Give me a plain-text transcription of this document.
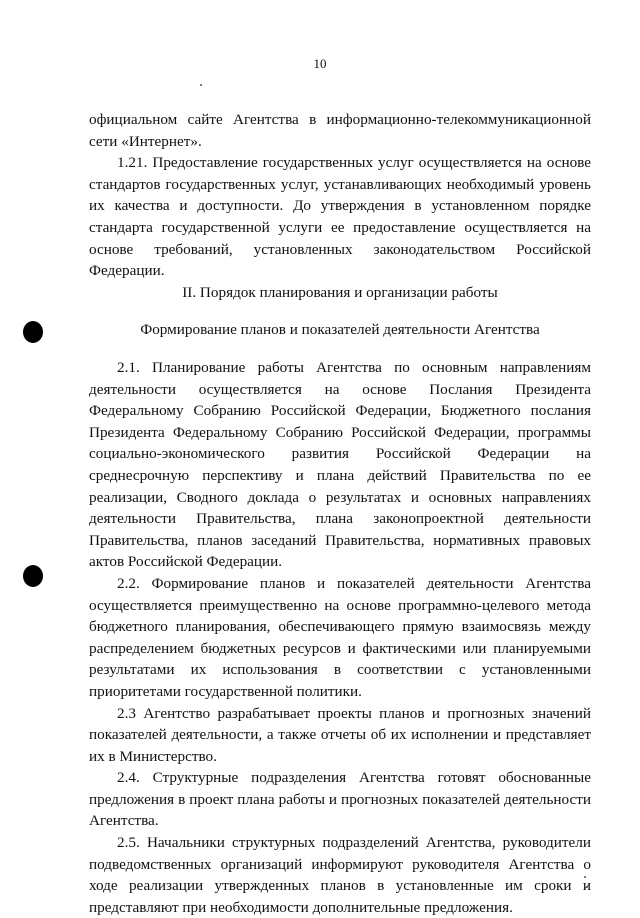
10

официальном сайте Агентства в информационно-телекоммуникационной сети «Интернет».

1.21. Предоставление государственных услуг осуществляется на основе стандартов государственных услуг, устанавливающих необходимый уровень их качества и доступности. До утверждения в установленном порядке стандарта государственной услуги ее предоставление осуществляется на основе требований, установленных законодательством Российской Федерации.

II. Порядок планирования и организации работы
Формирование планов и показателей деятельности Агентства

2.1. Планирование работы Агентства по основным направлениям деятельности осуществляется на основе Послания Президента Федеральному Собранию Российской Федерации, Бюджетного послания Президента Федеральному Собранию Российской Федерации, программы социально-экономического развития Российской Федерации на среднесрочную перспективу и плана действий Правительства по ее реализации, Сводного доклада о результатах и основных направлениях деятельности Правительства, плана законопроектной деятельности Правительства, планов заседаний Правительства, нормативных правовых актов Российской Федерации.

2.2. Формирование планов и показателей деятельности Агентства осуществляется преимущественно на основе программно-целевого метода бюджетного планирования, обеспечивающего прямую взаимосвязь между распределением бюджетных ресурсов и фактическими или планируемыми результатами их использования в соответствии с установленными приоритетами государственной политики.

2.3 Агентство разрабатывает проекты планов и прогнозных значений показателей деятельности, а также отчеты об их исполнении и представляет их в Министерство.

2.4. Структурные подразделения Агентства готовят обоснованные предложения в проект плана работы и прогнозных показателей деятельности Агентства.

2.5. Начальники структурных подразделений Агентства, руководители подведомственных организаций информируют руководителя Агентства о ходе реализации утвержденных планов в установленные им сроки и представляют при необходимости дополнительные предложения.
